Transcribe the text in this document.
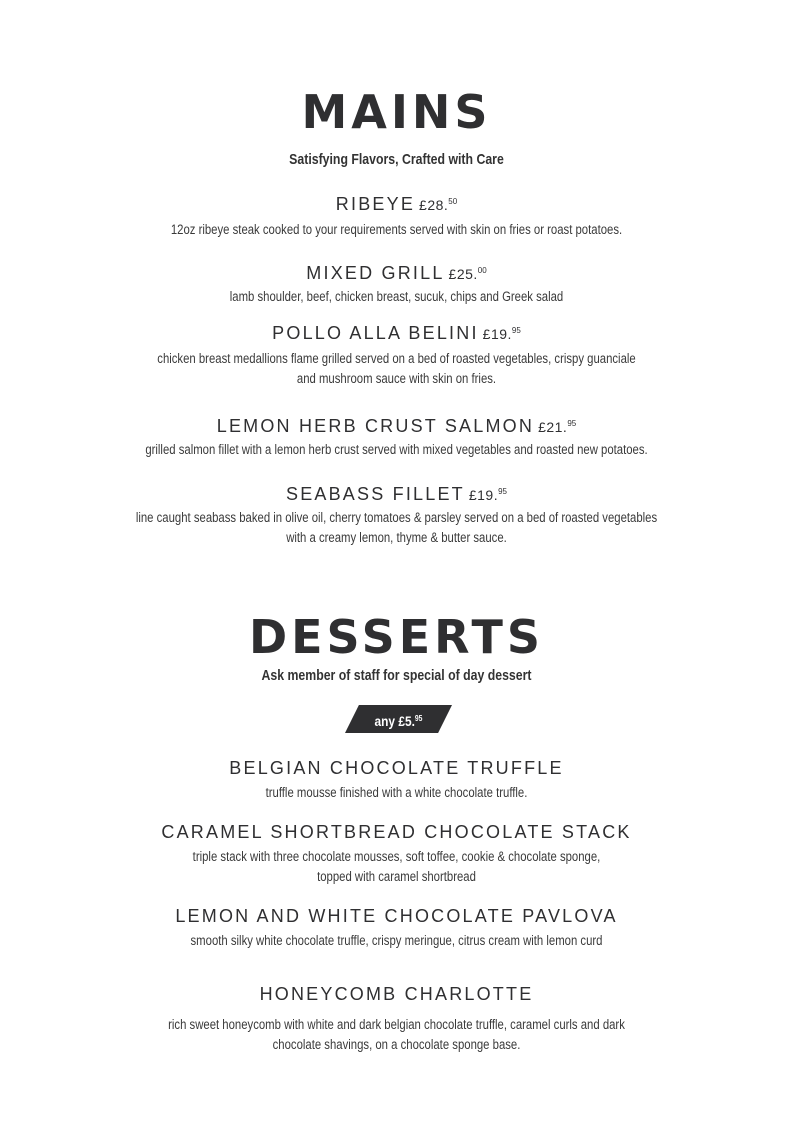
MAINS
Satisfying Flavors, Crafted with Care
RIBEYE £28.50
12oz ribeye steak cooked to your requirements served with skin on fries or roast potatoes.
MIXED GRILL £25.00
lamb shoulder, beef, chicken breast, sucuk, chips and Greek salad
POLLO ALLA BELINI £19.95
chicken breast medallions flame grilled served on a bed of roasted vegetables, crispy guanciale
and mushroom sauce with skin on fries.
LEMON HERB CRUST SALMON £21.95
grilled salmon fillet with a lemon herb crust served with mixed vegetables and roasted new potatoes.
SEABASS FILLET £19.95
line caught seabass baked in olive oil, cherry tomatoes & parsley served on a bed of roasted vegetables
with a creamy lemon, thyme & butter sauce.
DESSERTS
Ask member of staff for special of day dessert
any £5.95
BELGIAN CHOCOLATE TRUFFLE
truffle mousse finished with a white chocolate truffle.
CARAMEL SHORTBREAD CHOCOLATE STACK
triple stack with three chocolate mousses, soft toffee, cookie & chocolate sponge,
topped with caramel shortbread
LEMON AND WHITE CHOCOLATE PAVLOVA
smooth silky white chocolate truffle, crispy meringue, citrus cream with lemon curd
HONEYCOMB CHARLOTTE
rich sweet honeycomb with white and dark belgian chocolate truffle, caramel curls and dark
chocolate shavings, on a chocolate sponge base.
